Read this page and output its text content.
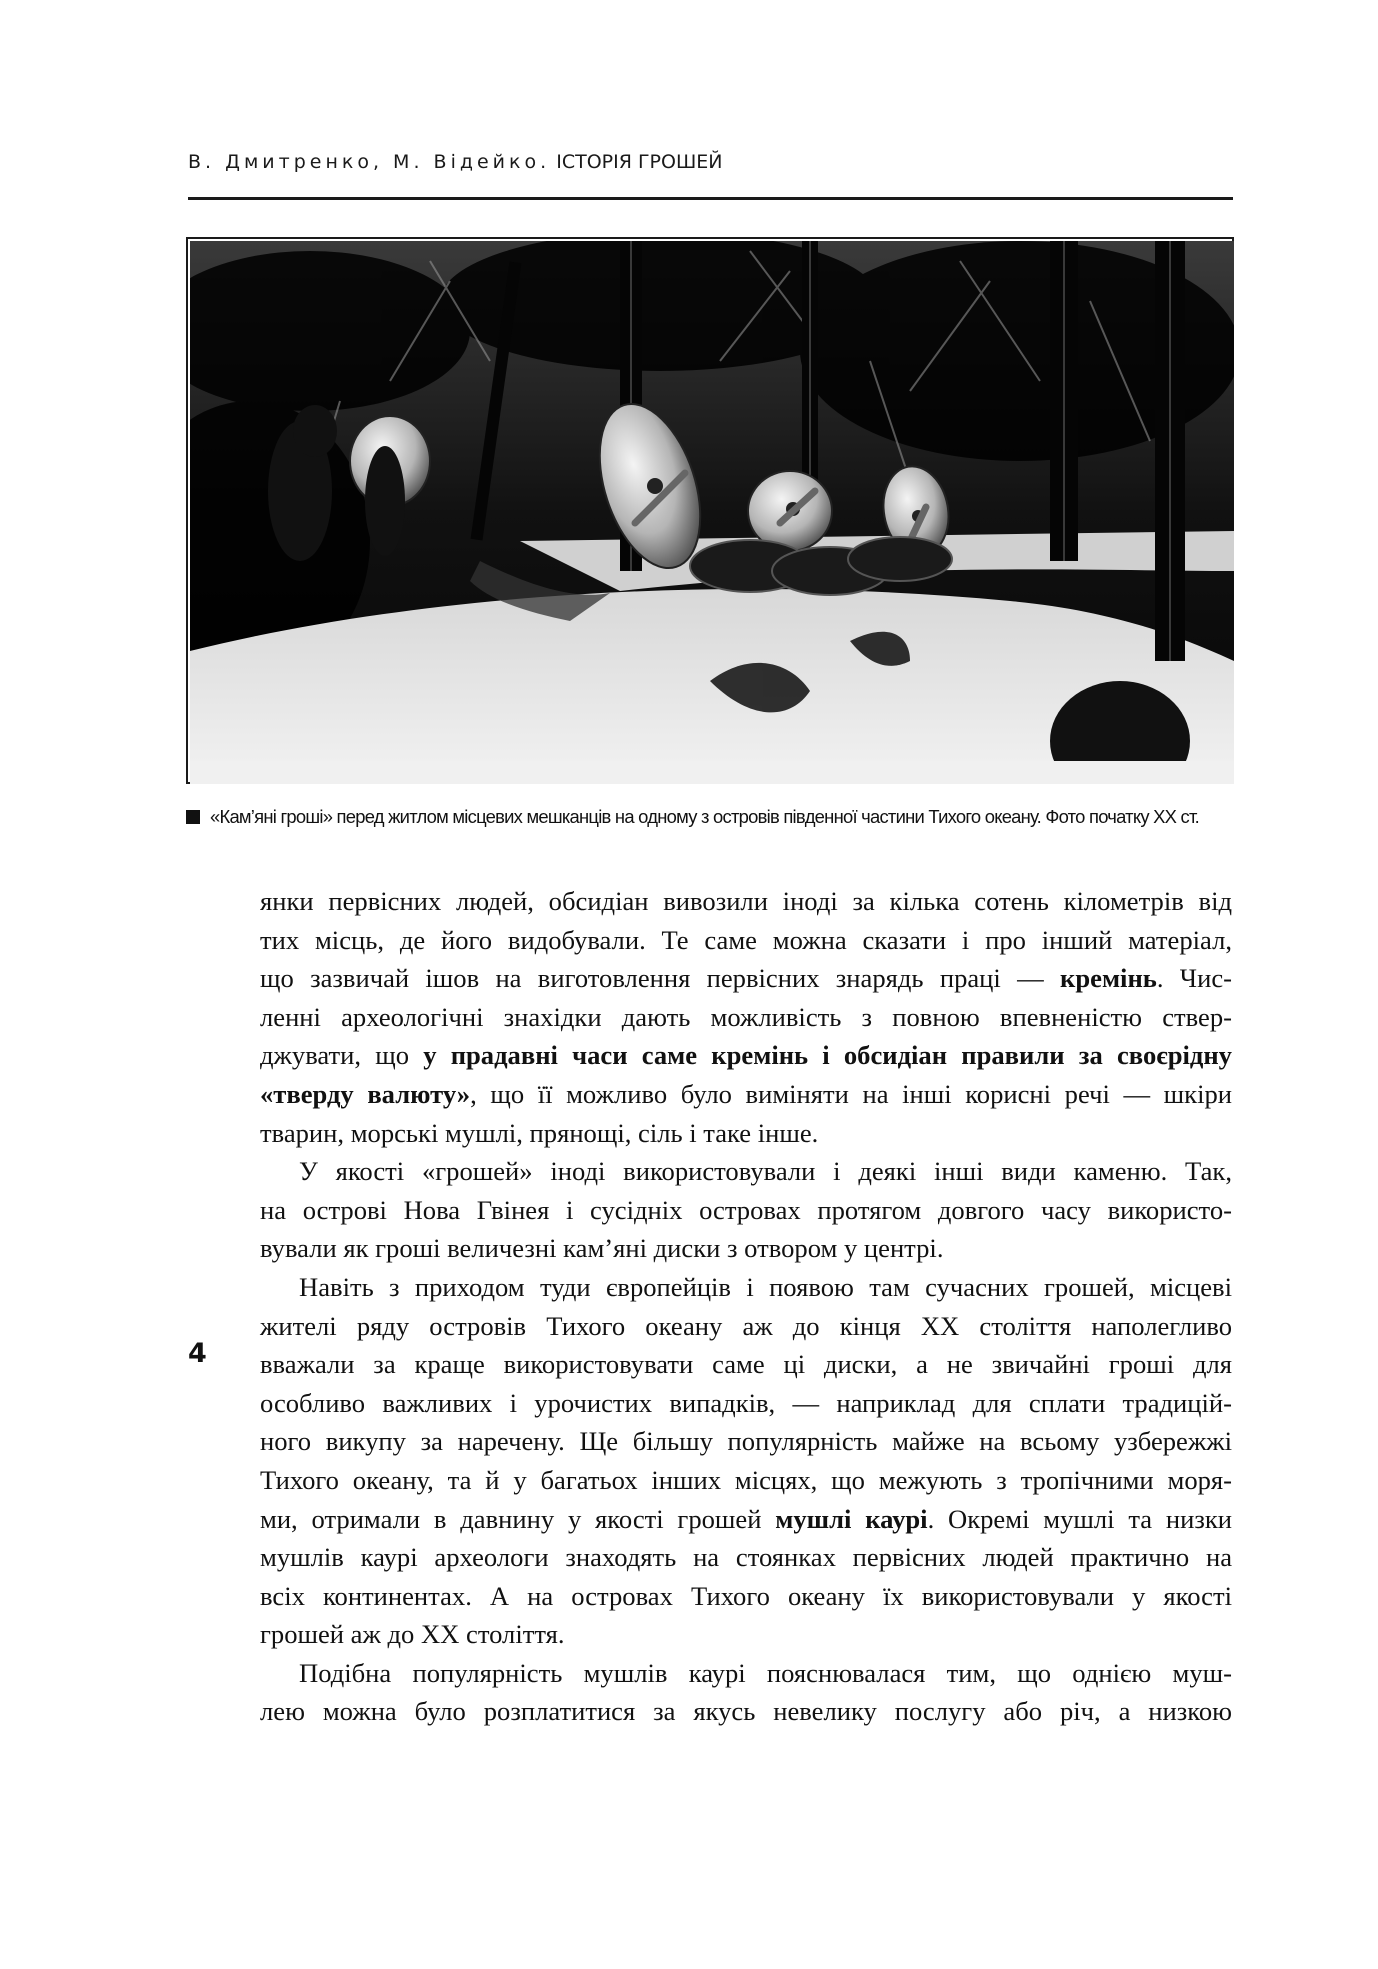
В. Дмитренко, М. Відейко. ІСТОРІЯ ГРОШЕЙ
«Кам’яні гроші» перед житлом місцевих мешканців на одному з островів південної частини Тихого океану. Фото початку XX ст.
янки первісних людей, обсидіан вивозили іноді за кілька сотень кілометрів від
тих місць, де його видобували. Те саме можна сказати і про інший матеріал,
що зазвичай ішов на виготовлення первісних знарядь праці — кремінь. Чис-
ленні археологічні знахідки дають можливість з повною впевненістю ствер-
джувати, що у прадавні часи саме кремінь і обсидіан правили за своєрідну
«тверду валюту», що її можливо було виміняти на інші корисні речі — шкіри
тварин, морські мушлі, прянощі, сіль і таке інше.
У якості «грошей» іноді використовували і деякі інші види каменю. Так,
на острові Нова Гвінея і сусідніх островах протягом довгого часу використо-
вували як гроші величезні кам’яні диски з отвором у центрі.
Навіть з приходом туди європейців і появою там сучасних грошей, місцеві
жителі ряду островів Тихого океану аж до кінця XX століття наполегливо
вважали за краще використовувати саме ці диски, а не звичайні гроші для
особливо важливих і урочистих випадків, — наприклад для сплати традицій-
ного викупу за наречену. Ще більшу популярність майже на всьому узбережжі
Тихого океану, та й у багатьох інших місцях, що межують з тропічними моря-
ми, отримали в давнину у якості грошей мушлі каурі. Окремі мушлі та низки
мушлів каурі археологи знаходять на стоянках первісних людей практично на
всіх континентах. А на островах Тихого океану їх використовували у якості
грошей аж до XX століття.
Подібна популярність мушлів каурі пояснювалася тим, що однією муш-
лею можна було розплатитися за якусь невелику послугу або річ, а низкою
4
